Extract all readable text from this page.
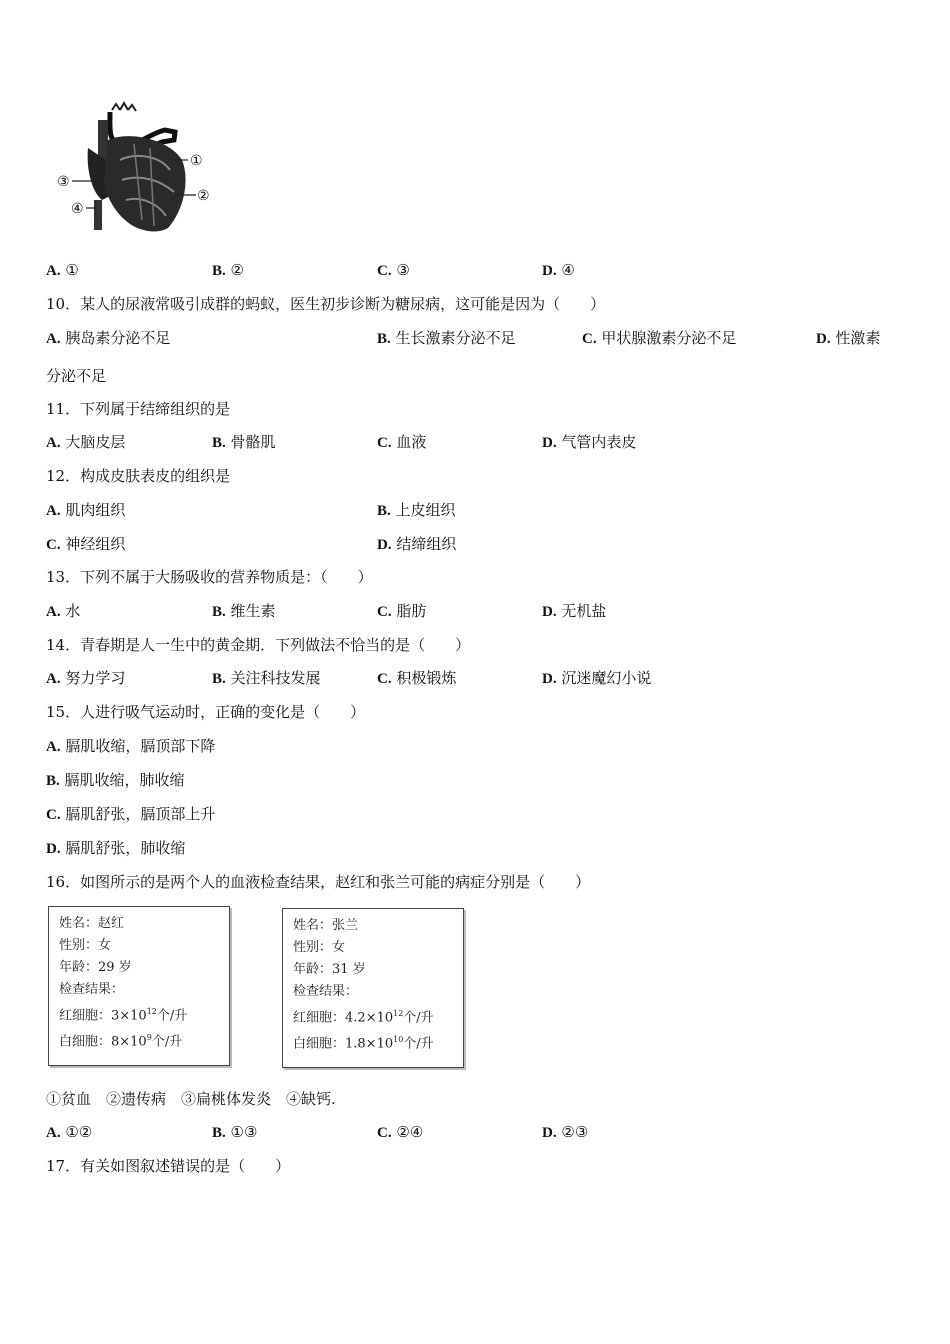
①
②
③
④
A. ①	B. ②	C. ③	D. ④
10．某人的尿液常吸引成群的蚂蚁，医生初步诊断为糖尿病，这可能是因为（　　）
A. 胰岛素分泌不足	B. 生长激素分泌不足	C. 甲状腺激素分泌不足	D. 性激素
分泌不足
11．下列属于结缔组织的是
A. 大脑皮层	B. 骨骼肌	C. 血液	D. 气管内表皮
12．构成皮肤表皮的组织是
A. 肌肉组织	B. 上皮组织
C. 神经组织	D. 结缔组织
13．下列不属于大肠吸收的营养物质是：（　　）
A. 水	B. 维生素	C. 脂肪	D. 无机盐
14．青春期是人一生中的黄金期．下列做法不恰当的是（　　）
A. 努力学习	B. 关注科技发展	C. 积极锻炼	D. 沉迷魔幻小说
15．人进行吸气运动时，正确的变化是（　　）
A. 膈肌收缩，膈顶部下降
B. 膈肌收缩，肺收缩
C. 膈肌舒张，膈顶部上升
D. 膈肌舒张，肺收缩
16．如图所示的是两个人的血液检查结果，赵红和张兰可能的病症分别是（　　）
姓名：赵红
性别：女
年龄：29 岁
检查结果：
红细胞：$3\times 10^{12}$个/升
白细胞：$8\times 10^9$个/升
姓名：张兰
性别：女
年龄：31 岁
检查结果：
红细胞：$4.2\times 10^{12}$个/升
白细胞：$1.8\times 10^{10}$个/升
①贫血　②遗传病　③扁桃体发炎　④缺钙.
A. ①②	B. ①③	C. ②④	D. ②③
17．有关如图叙述错误的是（　　）
